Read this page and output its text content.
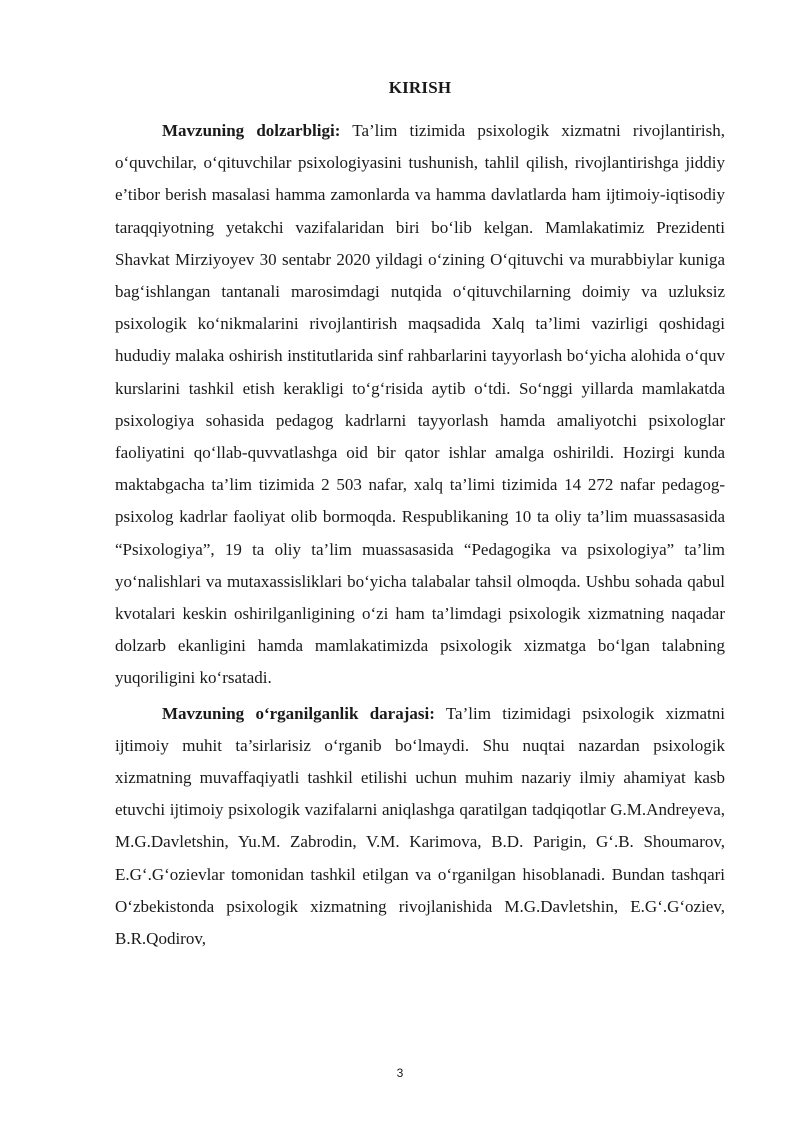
KIRISH

Mavzuning dolzarbligi: Ta’lim tizimida psixologik xizmatni rivojlantirish, o‘quvchilar, o‘qituvchilar psixologiyasini tushunish, tahlil qilish, rivojlantirishga jiddiy e’tibor berish masalasi hamma zamonlarda va hamma davlatlarda ham ijtimoiy-iqtisodiy taraqqiyotning yetakchi vazifalaridan biri bo‘lib kelgan. Mamlakatimiz Prezidenti Shavkat Mirziyoyev 30 sentabr 2020 yildagi o‘zining O‘qituvchi va murabbiylar kuniga bag‘ishlangan tantanali marosimdagi nutqida o‘qituvchilarning doimiy va uzluksiz psixologik ko‘nikmalarini rivojlantirish maqsadida Xalq ta’limi vazirligi qoshidagi hududiy malaka oshirish institutlarida sinf rahbarlarini tayyorlash bo‘yicha alohida o‘quv kurslarini tashkil etish kerakligi to‘g‘risida aytib o‘tdi. So‘nggi yillarda mamlakatda psixologiya sohasida pedagog kadrlarni tayyorlash hamda amaliyotchi psixologlar faoliyatini qo‘llab-quvvatlashga oid bir qator ishlar amalga oshirildi. Hozirgi kunda maktabgacha ta’lim tizimida 2 503 nafar, xalq ta’limi tizimida 14 272 nafar pedagog-psixolog kadrlar faoliyat olib bormoqda. Respublikaning 10 ta oliy ta’lim muassasasida “Psixologiya”, 19 ta oliy ta’lim muassasasida “Pedagogika va psixologiya” ta’lim yo‘nalishlari va mutaxassisliklari bo‘yicha talabalar tahsil olmoqda. Ushbu sohada qabul kvotalari keskin oshirilganligining o‘zi ham ta’limdagi psixologik xizmatning naqadar dolzarb ekanligini hamda mamlakatimizda psixologik xizmatga bo‘lgan talabning yuqoriligini ko‘rsatadi.

Mavzuning o‘rganilganlik darajasi: Ta’lim tizimidagi psixologik xizmatni ijtimoiy muhit ta’sirlarisiz o‘rganib bo‘lmaydi. Shu nuqtai nazardan psixologik xizmatning muvaffaqiyatli tashkil etilishi uchun muhim nazariy ilmiy ahamiyat kasb etuvchi ijtimoiy psixologik vazifalarni aniqlashga qaratilgan tadqiqotlar G.M.Andreyeva, M.G.Davletshin, Yu.M. Zabrodin, V.M. Karimova, B.D. Parigin, G‘.B. Shoumarov, E.G‘.G‘ozievlar tomonidan tashkil etilgan va o‘rganilgan hisoblanadi. Bundan tashqari O‘zbekistonda psixologik xizmatning rivojlanishida M.G.Davletshin, E.G‘.G‘oziev, B.R.Qodirov,

3
